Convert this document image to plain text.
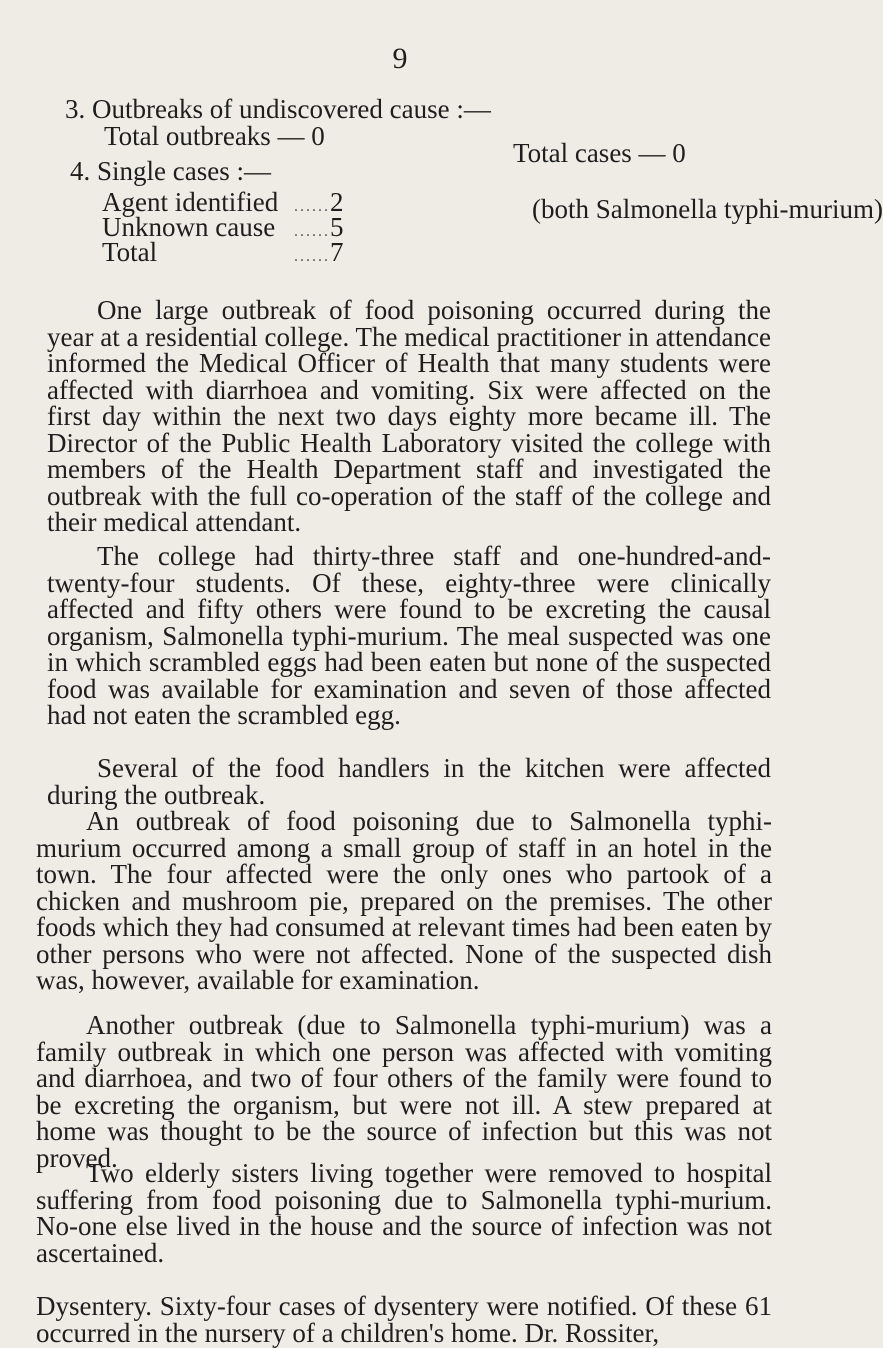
9
3. Outbreaks of undiscovered cause :—
Total outbreaks — 0
Total cases — 0
4. Single cases :—
Agent identified ...... 2
Unknown cause	...... 5
Total	...... 7
(both Salmonella typhi-murium)

One large outbreak of food poisoning occurred during the year at a residential college. The medical practitioner in attendance informed the Medical Officer of Health that many students were affected with diarrhoea and vomiting. Six were affected on the first day within the next two days eighty more became ill. The Director of the Public Health Laboratory visited the college with members of the Health Department staff and investigated the outbreak with the full co-operation of the staff of the college and their medical attendant.

The college had thirty-three staff and one-hundred-and-twenty-four students. Of these, eighty-three were clinically affected and fifty others were found to be excreting the causal organism, Salmonella typhi-murium. The meal suspected was one in which scrambled eggs had been eaten but none of the suspected food was available for examination and seven of those affected had not eaten the scrambled egg.

Several of the food handlers in the kitchen were affected during the outbreak.

An outbreak of food poisoning due to Salmonella typhi-murium occurred among a small group of staff in an hotel in the town. The four affected were the only ones who partook of a chicken and mushroom pie, prepared on the premises. The other foods which they had consumed at relevant times had been eaten by other persons who were not affected. None of the suspected dish was, however, available for examination.

Another outbreak (due to Salmonella typhi-murium) was a family outbreak in which one person was affected with vomiting and diarrhoea, and two of four others of the family were found to be excreting the organism, but were not ill. A stew prepared at home was thought to be the source of infection but this was not proved.

Two elderly sisters living together were removed to hospital suffering from food poisoning due to Salmonella typhi-murium. No-one else lived in the house and the source of infection was not ascertained.

Dysentery. Sixty-four cases of dysentery were notified. Of these 61 occurred in the nursery of a children's home. Dr. Rossiter,
